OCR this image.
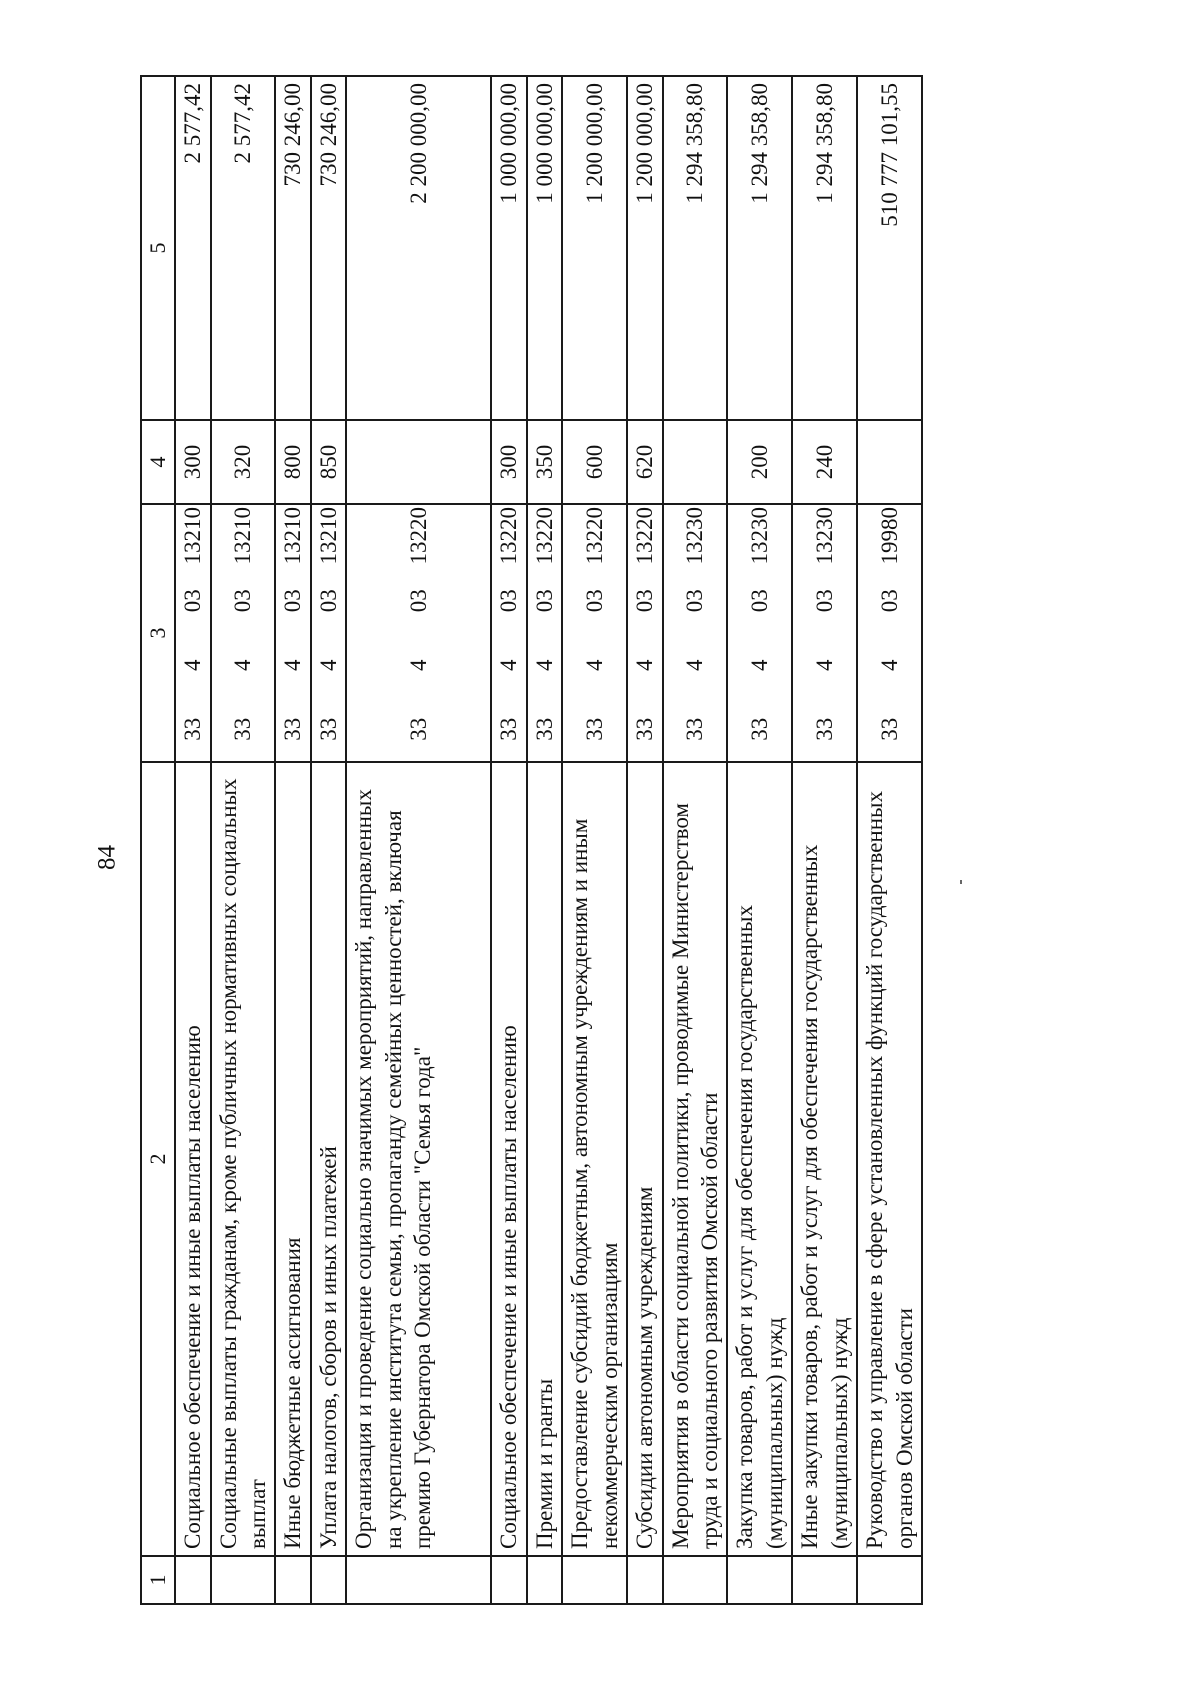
84
1	2	3				4	5
	Социальное обеспечение и иные выплаты населению	33	4	03	13210	300	2 577,42
	Социальные выплаты гражданам, кроме публичных нормативных социальных выплат	33	4	03	13210	320	2 577,42
	Иные бюджетные ассигнования	33	4	03	13210	800	730 246,00
	Уплата налогов, сборов и иных платежей	33	4	03	13210	850	730 246,00
	Организация и проведение социально значимых мероприятий, направленных на укрепление института семьи, пропаганду семейных ценностей, включая премию Губернатора Омской области "Семья года"	33	4	03	13220		2 200 000,00
	Социальное обеспечение и иные выплаты населению	33	4	03	13220	300	1 000 000,00
	Премии и гранты	33	4	03	13220	350	1 000 000,00
	Предоставление субсидий бюджетным, автономным учреждениям и иным некоммерческим организациям	33	4	03	13220	600	1 200 000,00
	Субсидии автономным учреждениям	33	4	03	13220	620	1 200 000,00
	Мероприятия в области социальной политики, проводимые Министерством труда и социального развития Омской области	33	4	03	13230		1 294 358,80
	Закупка товаров, работ и услуг для обеспечения государственных (муниципальных) нужд	33	4	03	13230	200	1 294 358,80
	Иные закупки товаров, работ и услуг для обеспечения государственных (муниципальных) нужд	33	4	03	13230	240	1 294 358,80
	Руководство и управление в сфере установленных функций государственных органов Омской области	33	4	03	19980		510 777 101,55
